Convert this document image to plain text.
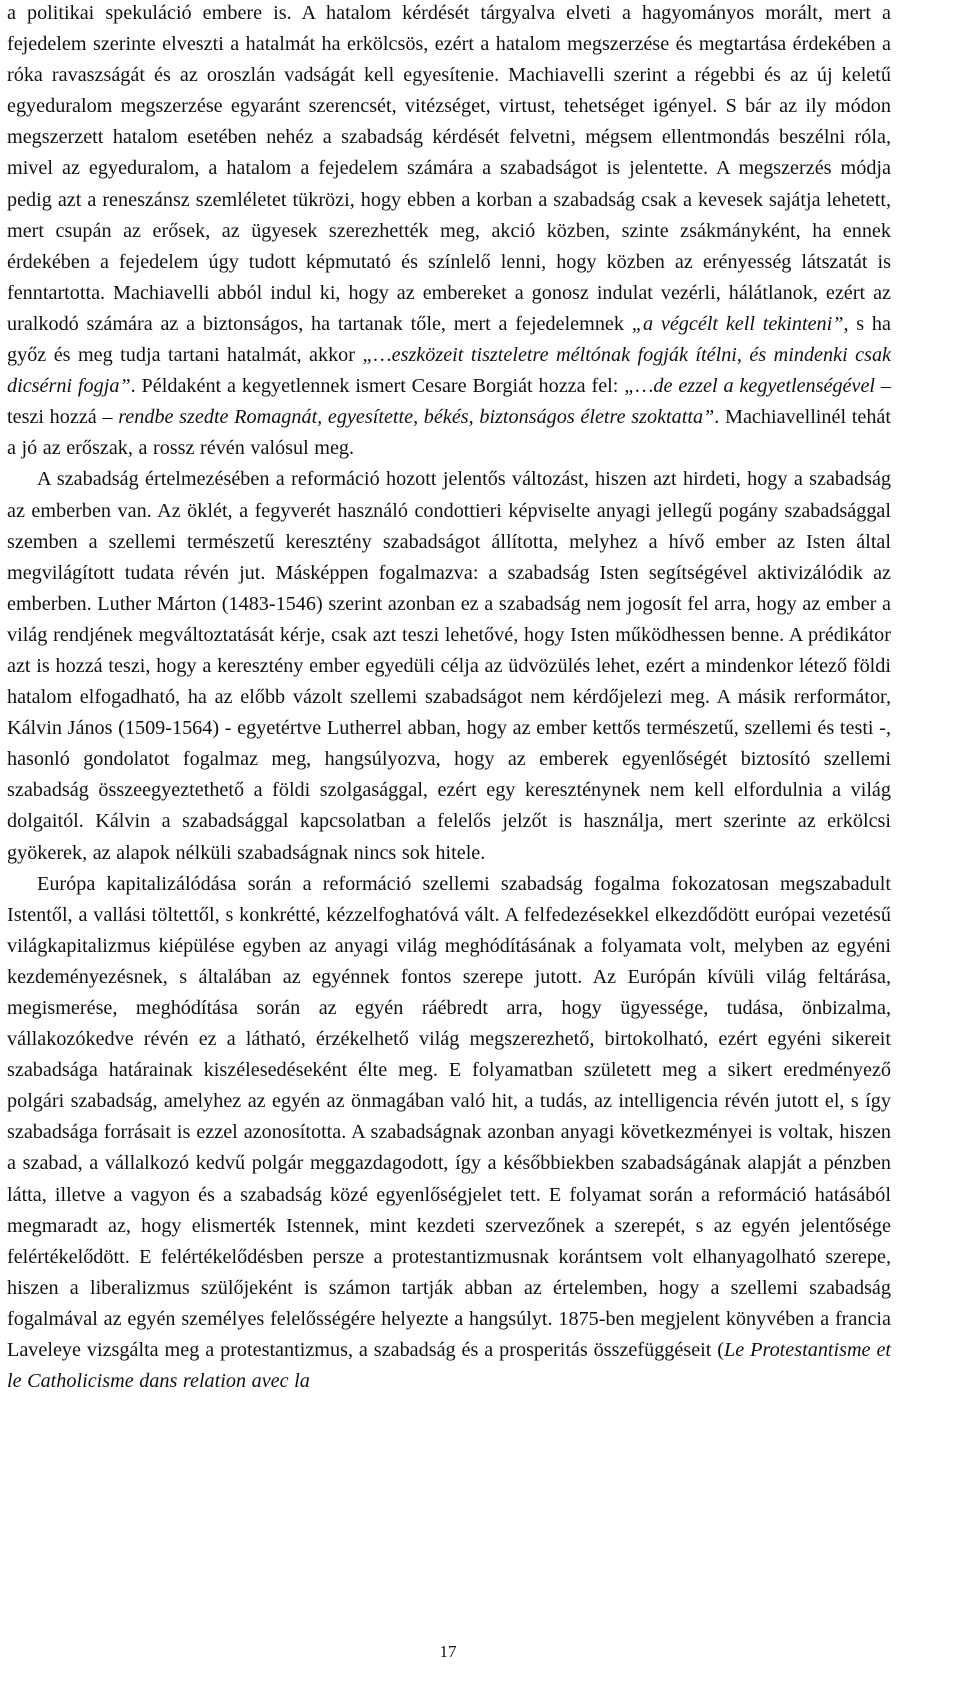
a politikai spekuláció embere is. A hatalom kérdését tárgyalva elveti a hagyományos morált, mert a fejedelem szerinte elveszti a hatalmát ha erkölcsös, ezért a hatalom megszerzése és megtartása érdekében a róka ravaszságát és az oroszlán vadságát kell egyesítenie. Machiavelli szerint a régebbi és az új keletű egyeduralom megszerzése egyaránt szerencsét, vitézséget, virtust, tehetséget igényel. S bár az ily módon megszerzett hatalom esetében nehéz a szabadság kérdését felvetni, mégsem ellentmondás beszélni róla, mivel az egyeduralom, a hatalom a fejedelem számára a szabadságot is jelentette. A megszerzés módja pedig azt a reneszánsz szemléletet tükrözi, hogy ebben a korban a szabadság csak a kevesek sajátja lehetett, mert csupán az erősek, az ügyesek szerezhették meg, akció közben, szinte zsákmányként, ha ennek érdekében a fejedelem úgy tudott képmutató és színlelő lenni, hogy közben az erényesség látszatát is fenntartotta. Machiavelli abból indul ki, hogy az embereket a gonosz indulat vezérli, hálátlanok, ezért az uralkodó számára az a biztonságos, ha tartanak tőle, mert a fejedelemnek „a végcélt kell tekinteni”, s ha győz és meg tudja tartani hatalmát, akkor „…eszközeit tiszteletre méltónak fogják ítélni, és mindenki csak dicsérni fogja”. Példaként a kegyetlennek ismert Cesare Borgiát hozza fel: „…de ezzel a kegyetlenségével – teszi hozzá – rendbe szedte Romagnát, egyesítette, békés, biztonságos életre szoktatta”. Machiavellinél tehát a jó az erőszak, a rossz révén valósul meg.

A szabadság értelmezésében a reformáció hozott jelentős változást, hiszen azt hirdeti, hogy a szabadság az emberben van. Az öklét, a fegyverét használó condottieri képviselte anyagi jellegű pogány szabadsággal szemben a szellemi természetű keresztény szabadságot állította, melyhez a hívő ember az Isten által megvilágított tudata révén jut. Másképpen fogalmazva: a szabadság Isten segítségével aktivizálódik az emberben. Luther Márton (1483-1546) szerint azonban ez a szabadság nem jogosít fel arra, hogy az ember a világ rendjének megváltoztatását kérje, csak azt teszi lehetővé, hogy Isten működhessen benne. A prédikátor azt is hozzá teszi, hogy a keresztény ember egyedüli célja az üdvözülés lehet, ezért a mindenkor létező földi hatalom elfogadható, ha az előbb vázolt szellemi szabadságot nem kérdőjelezi meg. A másik rerformátor, Kálvin János (1509-1564) - egyetértve Lutherrel abban, hogy az ember kettős természetű, szellemi és testi -, hasonló gondolatot fogalmaz meg, hangsúlyozva, hogy az emberek egyenlőségét biztosító szellemi szabadság összeegyeztethető a földi szolgasággal, ezért egy kereszténynek nem kell elfordulnia a világ dolgaitól. Kálvin a szabadsággal kapcsolatban a felelős jelzőt is használja, mert szerinte az erkölcsi gyökerek, az alapok nélküli szabadságnak nincs sok hitele.

Európa kapitalizálódása során a reformáció szellemi szabadság fogalma fokozatosan megszabadult Istentől, a vallási töltettől, s konkrétté, kézzelfoghatóvá vált. A felfedezésekkel elkezdődött európai vezetésű világkapitalizmus kiépülése egyben az anyagi világ meghódításának a folyamata volt, melyben az egyéni kezdeményezésnek, s általában az egyénnek fontos szerepe jutott. Az Európán kívüli világ feltárása, megismerése, meghódítása során az egyén ráébredt arra, hogy ügyessége, tudása, önbizalma, vállakozókedve révén ez a látható, érzékelhető világ megszerezhető, birtokolható, ezért egyéni sikereit szabadsága határainak kiszélesedéseként élte meg. E folyamatban született meg a sikert eredményező polgári szabadság, amelyhez az egyén az önmagában való hit, a tudás, az intelligencia révén jutott el, s így szabadsága forrásait is ezzel azonosította. A szabadságnak azonban anyagi következményei is voltak, hiszen a szabad, a vállalkozó kedvű polgár meggazdagodott, így a későbbiekben szabadságának alapját a pénzben látta, illetve a vagyon és a szabadság közé egyenlőségjelet tett. E folyamat során a reformáció hatásából megmaradt az, hogy elismerték Istennek, mint kezdeti szervezőnek a szerepét, s az egyén jelentősége felértékelődött. E felértékelődésben persze a protestantizmusnak korántsem volt elhanyagolható szerepe, hiszen a liberalizmus szülőjeként is számon tartják abban az értelemben, hogy a szellemi szabadság fogalmával az egyén személyes felelősségére helyezte a hangsúlyt. 1875-ben megjelent könyvében a francia Laveleye vizsgálta meg a protestantizmus, a szabadság és a prosperitás összefüggéseit (Le Protestantisme et le Catholicisme dans relation avec la

17
